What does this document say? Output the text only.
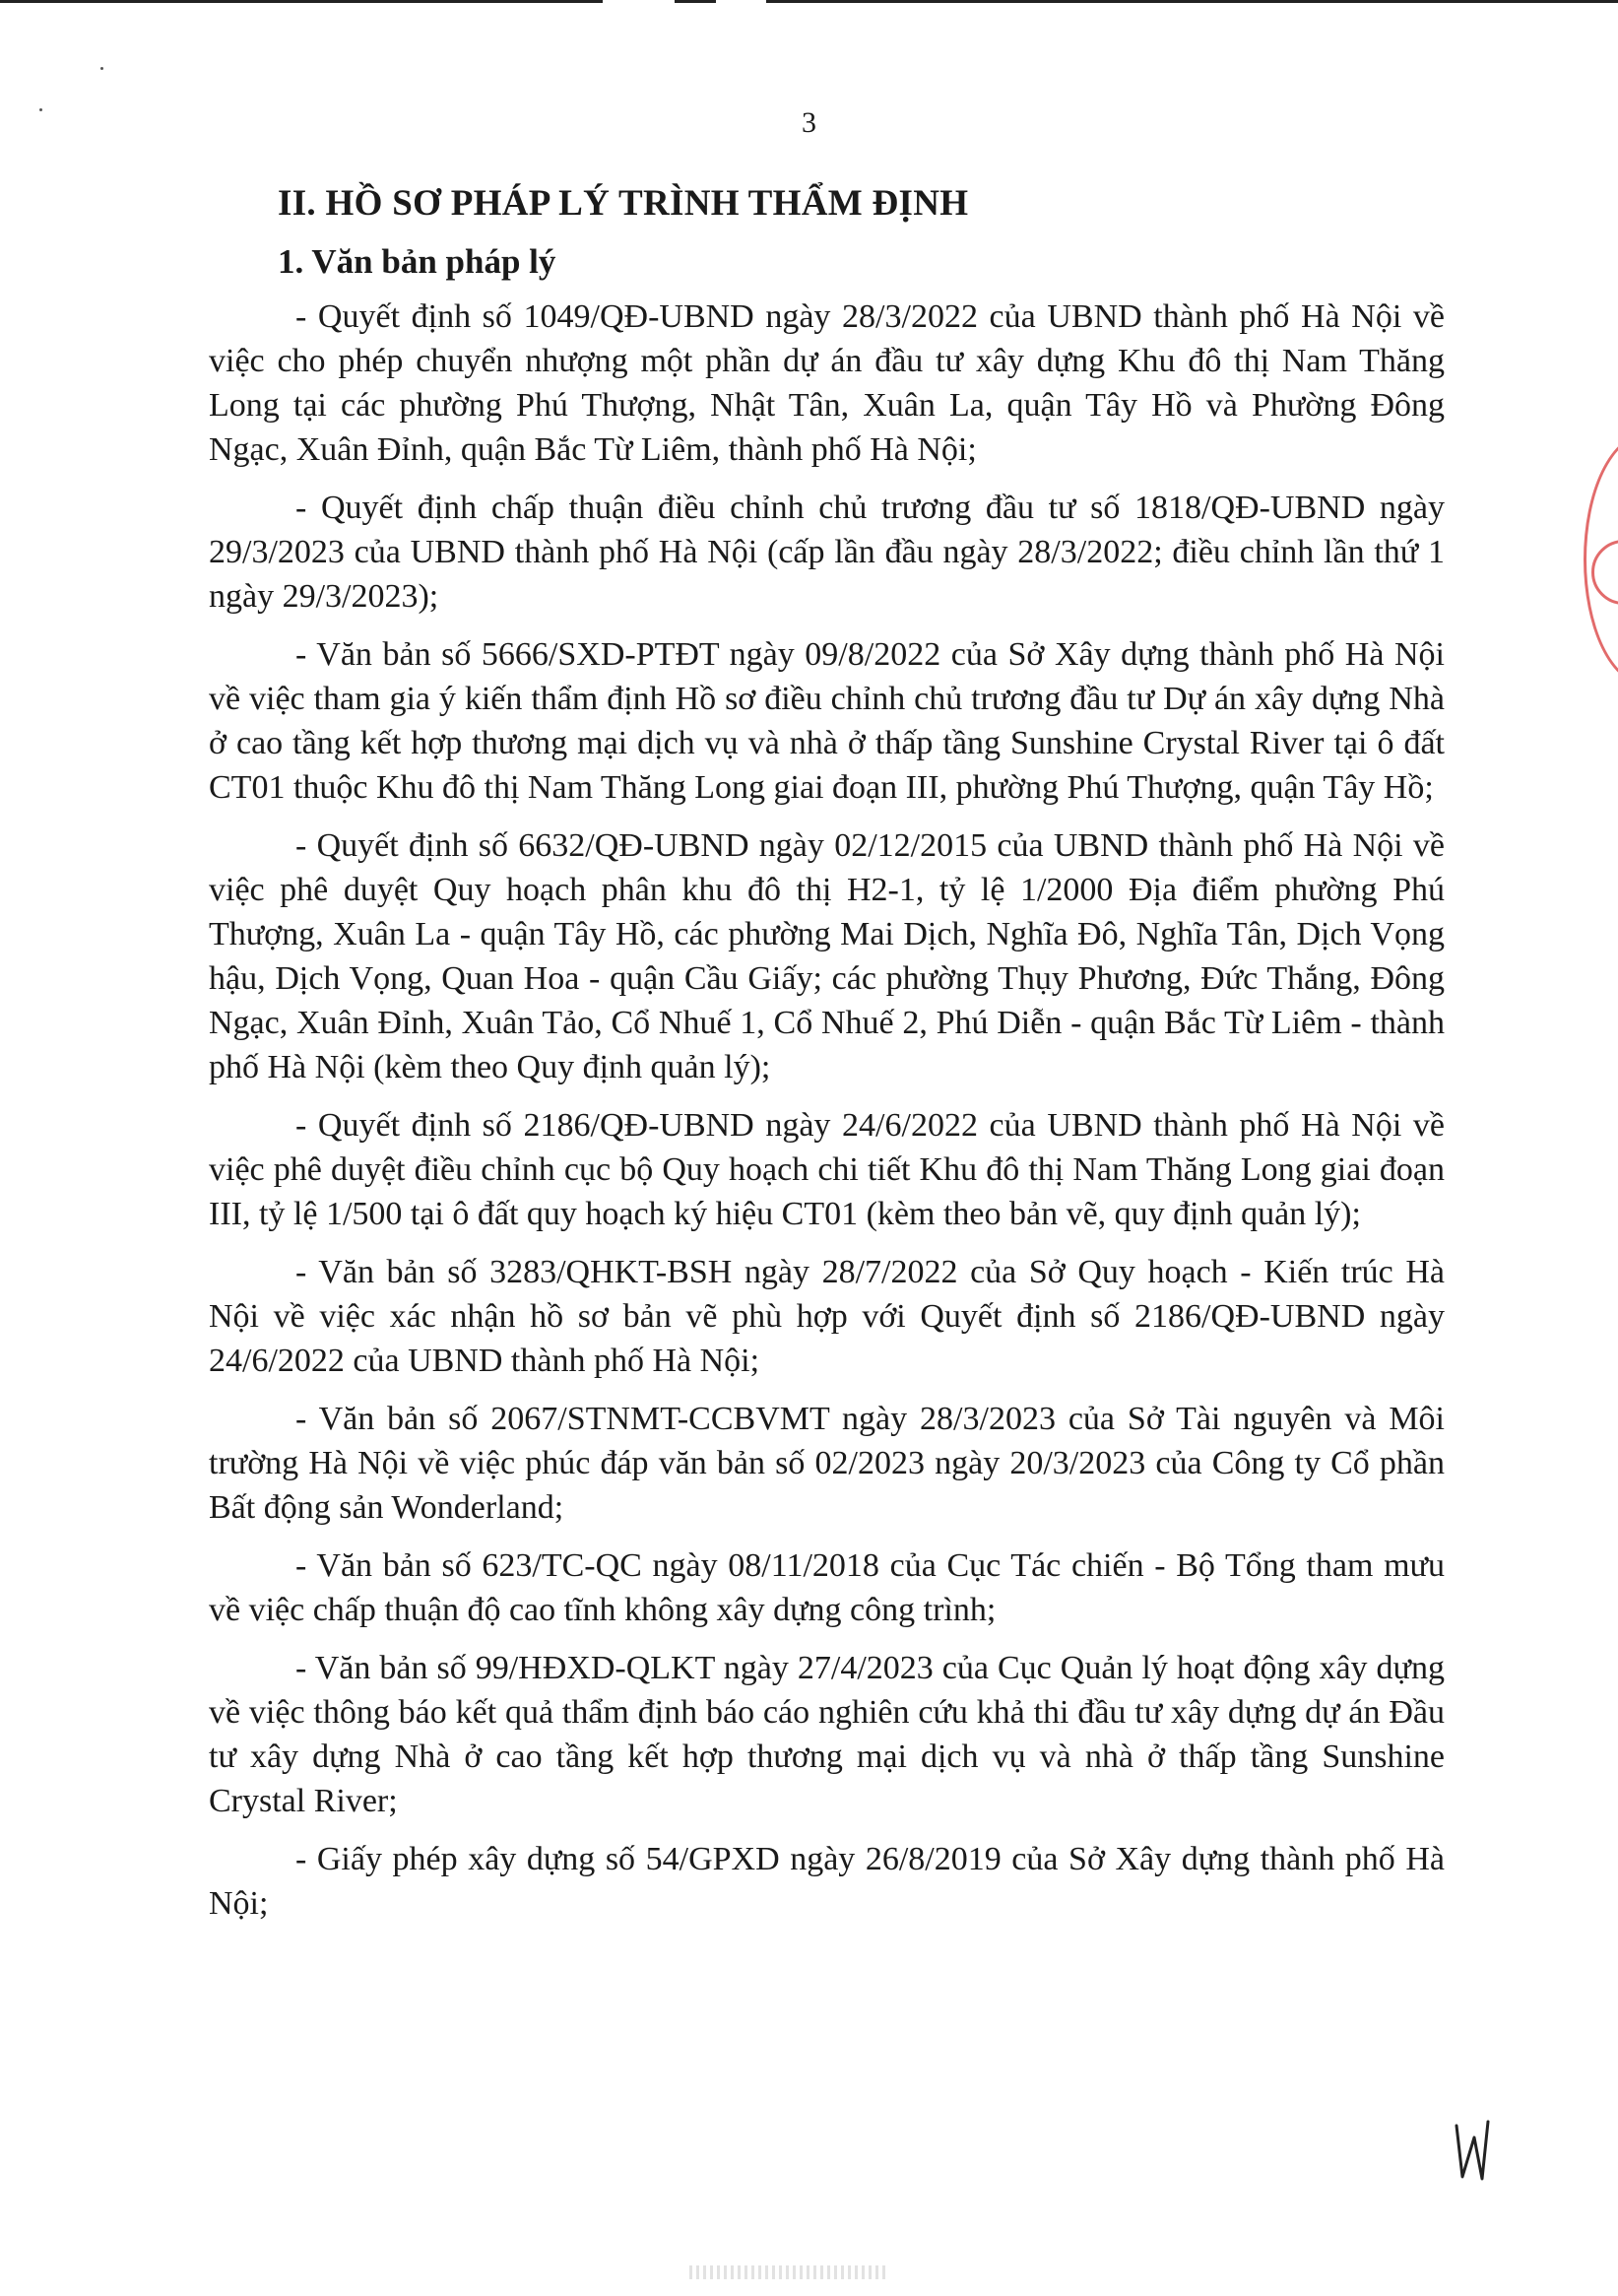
3
II. HỒ SƠ PHÁP LÝ TRÌNH THẨM ĐỊNH
1. Văn bản pháp lý

- Quyết định số 1049/QĐ-UBND ngày 28/3/2022 của UBND thành phố Hà Nội về việc cho phép chuyển nhượng một phần dự án đầu tư xây dựng Khu đô thị Nam Thăng Long tại các phường Phú Thượng, Nhật Tân, Xuân La, quận Tây Hồ và Phường Đông Ngạc, Xuân Đỉnh, quận Bắc Từ Liêm, thành phố Hà Nội;

- Quyết định chấp thuận điều chỉnh chủ trương đầu tư số 1818/QĐ-UBND ngày 29/3/2023 của UBND thành phố Hà Nội (cấp lần đầu ngày 28/3/2022; điều chỉnh lần thứ 1 ngày 29/3/2023);

- Văn bản số 5666/SXD-PTĐT ngày 09/8/2022 của Sở Xây dựng thành phố Hà Nội về việc tham gia ý kiến thẩm định Hồ sơ điều chỉnh chủ trương đầu tư Dự án xây dựng Nhà ở cao tầng kết hợp thương mại dịch vụ và nhà ở thấp tầng Sunshine Crystal River tại ô đất CT01 thuộc Khu đô thị Nam Thăng Long giai đoạn III, phường Phú Thượng, quận Tây Hồ;

- Quyết định số 6632/QĐ-UBND ngày 02/12/2015 của UBND thành phố Hà Nội về việc phê duyệt Quy hoạch phân khu đô thị H2-1, tỷ lệ 1/2000 Địa điểm phường Phú Thượng, Xuân La - quận Tây Hồ, các phường Mai Dịch, Nghĩa Đô, Nghĩa Tân, Dịch Vọng hậu, Dịch Vọng, Quan Hoa - quận Cầu Giấy; các phường Thụy Phương, Đức Thắng, Đông Ngạc, Xuân Đỉnh, Xuân Tảo, Cổ Nhuế 1, Cổ Nhuế 2, Phú Diễn - quận Bắc Từ Liêm - thành phố Hà Nội (kèm theo Quy định quản lý);

- Quyết định số 2186/QĐ-UBND ngày 24/6/2022 của UBND thành phố Hà Nội về việc phê duyệt điều chỉnh cục bộ Quy hoạch chi tiết Khu đô thị Nam Thăng Long giai đoạn III, tỷ lệ 1/500 tại ô đất quy hoạch ký hiệu CT01 (kèm theo bản vẽ, quy định quản lý);

- Văn bản số 3283/QHKT-BSH ngày 28/7/2022 của Sở Quy hoạch - Kiến trúc Hà Nội về việc xác nhận hồ sơ bản vẽ phù hợp với Quyết định số 2186/QĐ-UBND ngày 24/6/2022 của UBND thành phố Hà Nội;

- Văn bản số 2067/STNMT-CCBVMT ngày 28/3/2023 của Sở Tài nguyên và Môi trường Hà Nội về việc phúc đáp văn bản số 02/2023 ngày 20/3/2023 của Công ty Cổ phần Bất động sản Wonderland;

- Văn bản số 623/TC-QC ngày 08/11/2018 của Cục Tác chiến - Bộ Tổng tham mưu về việc chấp thuận độ cao tĩnh không xây dựng công trình;

- Văn bản số 99/HĐXD-QLKT ngày 27/4/2023 của Cục Quản lý hoạt động xây dựng về việc thông báo kết quả thẩm định báo cáo nghiên cứu khả thi đầu tư xây dựng dự án Đầu tư xây dựng Nhà ở cao tầng kết hợp thương mại dịch vụ và nhà ở thấp tầng Sunshine Crystal River;

- Giấy phép xây dựng số 54/GPXD ngày 26/8/2019 của Sở Xây dựng thành phố Hà Nội;
